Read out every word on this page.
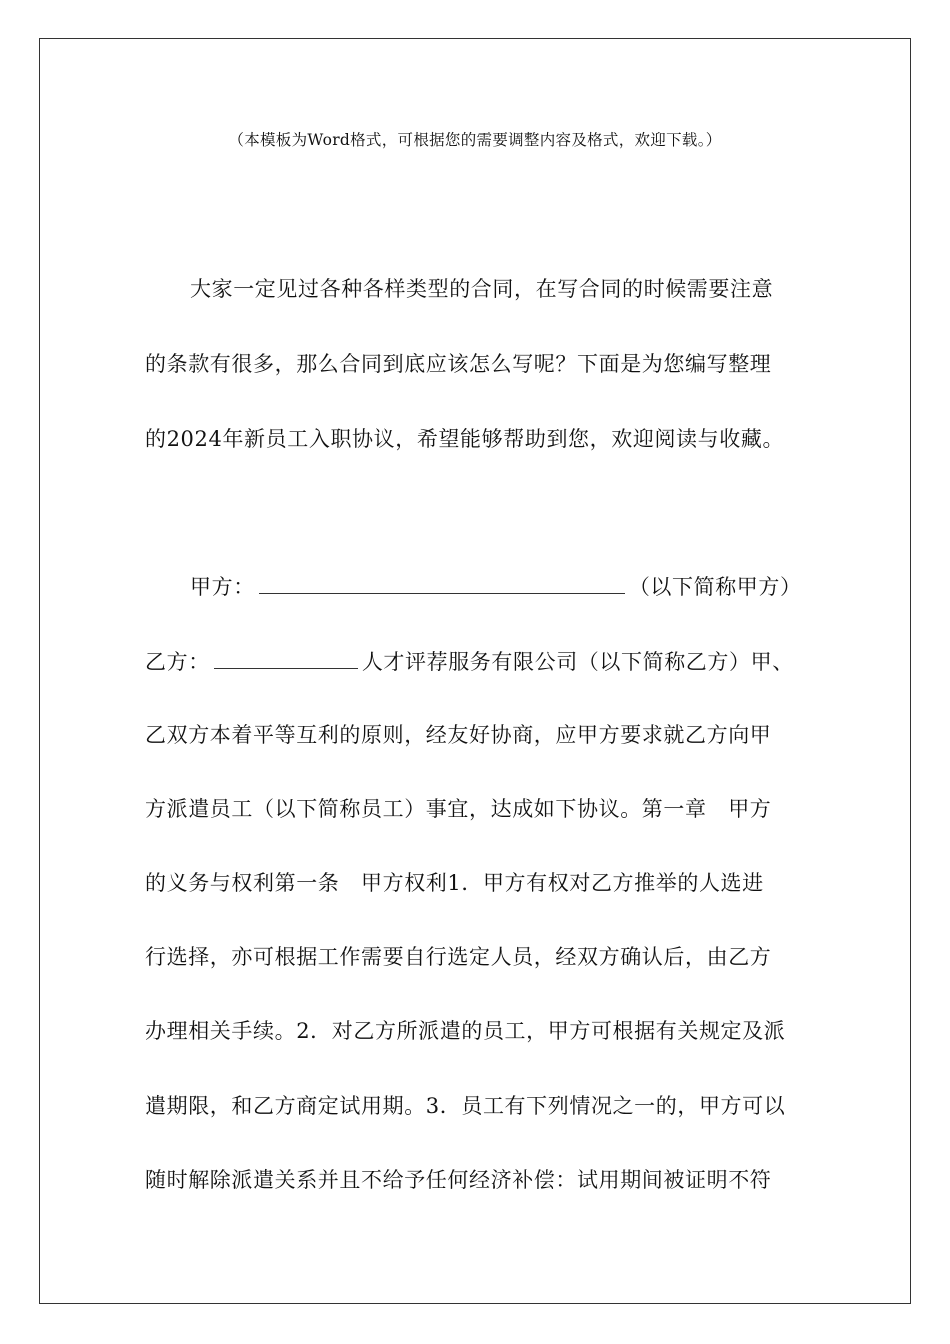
（本模板为Word格式，可根据您的需要调整内容及格式，欢迎下载。）
大家一定见过各种各样类型的合同，在写合同的时候需要注意
的条款有很多，那么合同到底应该怎么写呢？下面是为您编写整理
的2024年新员工入职协议，希望能够帮助到您，欢迎阅读与收藏。
甲方：	（以下简称甲方）
乙方：	人才评荐服务有限公司（以下简称乙方）甲、
乙双方本着平等互利的原则，经友好协商，应甲方要求就乙方向甲
方派遣员工（以下简称员工）事宜，达成如下协议。第一章　甲方
的义务与权利第一条　甲方权利1．甲方有权对乙方推举的人选进
行选择，亦可根据工作需要自行选定人员，经双方确认后，由乙方
办理相关手续。2．对乙方所派遣的员工，甲方可根据有关规定及派
遣期限，和乙方商定试用期。3．员工有下列情况之一的，甲方可以
随时解除派遣关系并且不给予任何经济补偿：试用期间被证明不符
